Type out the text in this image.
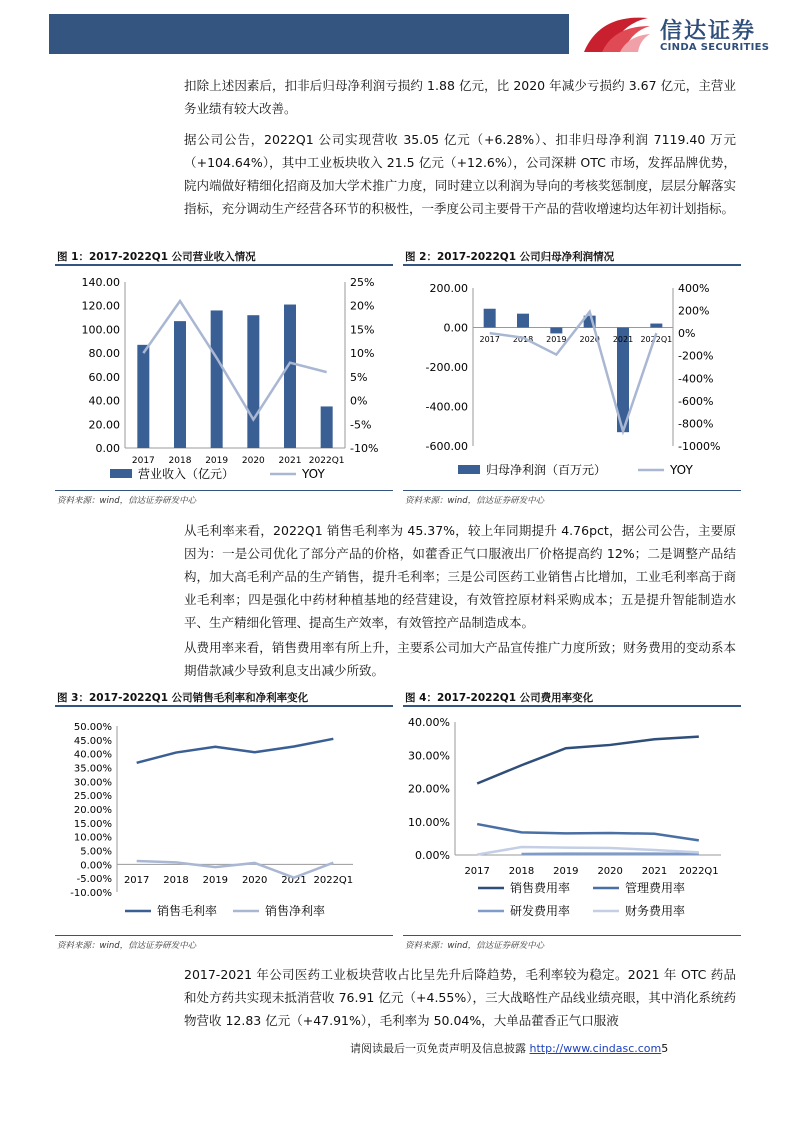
信达证券
CINDA SECURITIES
扣除上述因素后，扣非后归母净利润亏损约 1.88 亿元，比 2020 年减少亏损约 3.67 亿元，主营业务业绩有较大改善。
据公司公告，2022Q1 公司实现营收 35.05 亿元（+6.28%）、扣非归母净利润 7119.40 万元（+104.64%），其中工业板块收入 21.5 亿元（+12.6%），公司深耕 OTC 市场，发挥品牌优势，院内端做好精细化招商及加大学术推广力度，同时建立以利润为导向的考核奖惩制度，层层分解落实指标，充分调动生产经营各环节的积极性，一季度公司主要骨干产品的营收增速均达年初计划指标。
图 1：2017-2022Q1 公司营业收入情况	图 2：2017-2022Q1 公司归母净利润情况
0.00
20.00
40.00
60.00
80.00
100.00
120.00
140.00
-10%
-5%
0%
5%
10%
15%
20%
25%
2017 2018 2019 2020 2021 2022Q1
营业收入（亿元）	YOY
-600.00
-400.00
-200.00
0.00
200.00
-1000%
-800%
-600%
-400%
-200%
0%
200%
400%
2017 2018 2019 2020 2021 2022Q1
归母净利润（百万元）	YOY
资料来源：wind，信达证券研发中心	资料来源：wind，信达证券研发中心
从毛利率来看，2022Q1 销售毛利率为 45.37%，较上年同期提升 4.76pct，据公司公告，主要原因为：一是公司优化了部分产品的价格，如藿香正气口服液出厂价格提高约 12%；二是调整产品结构，加大高毛利产品的生产销售，提升毛利率；三是公司医药工业销售占比增加，工业毛利率高于商业毛利率；四是强化中药材种植基地的经营建设，有效管控原材料采购成本；五是提升智能制造水平、生产精细化管理、提高生产效率，有效管控产品制造成本。
从费用率来看，销售费用率有所上升，主要系公司加大产品宣传推广力度所致；财务费用的变动系本期借款减少导致利息支出减少所致。
图 3：2017-2022Q1 公司销售毛利率和净利率变化	图 4：2017-2022Q1 公司费用率变化
-10.00%
-5.00%
0.00%
5.00%
10.00%
15.00%
20.00%
25.00%
30.00%
35.00%
40.00%
45.00%
50.00%
2017 2018 2019 2020 2021 2022Q1
销售毛利率	销售净利率
0.00%
10.00%
20.00%
30.00%
40.00%
2017 2018 2019 2020 2021 2022Q1
销售费用率	管理费用率
研发费用率	财务费用率
资料来源：wind，信达证券研发中心	资料来源：wind，信达证券研发中心
2017-2021 年公司医药工业板块营收占比呈先升后降趋势，毛利率较为稳定。2021 年 OTC 药品和处方药共实现未抵消营收 76.91 亿元（+4.55%），三大战略性产品线业绩亮眼，其中消化系统药物营收 12.83 亿元（+47.91%），毛利率为 50.04%，大单品藿香正气口服液
请阅读最后一页免责声明及信息披露 http://www.cindasc.com5
